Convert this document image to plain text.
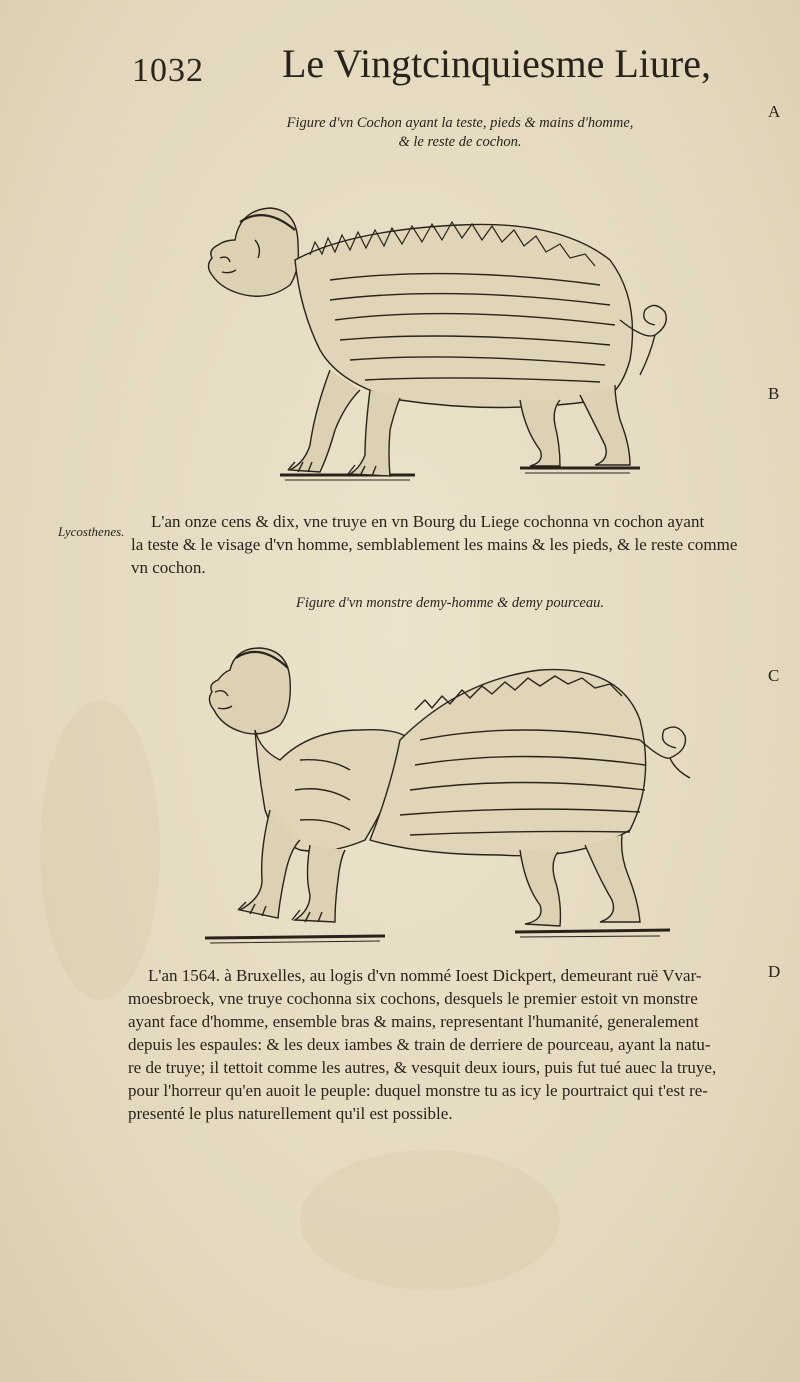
1032 Le Vingtcinquiesme Liure,
A
B
C
D
Figure d'vn Cochon ayant la teste, pieds & mains d'homme,
& le reste de cochon.
Lycosthenes.
L'an onze cens & dix, vne truye en vn Bourg du Liege cochonna vn cochon ayant
la teste & le visage d'vn homme, semblablement les mains & les pieds, & le reste comme
vn cochon.
Figure d'vn monstre demy-homme & demy pourceau.
L'an 1564. à Bruxelles, au logis d'vn nommé Ioest Dickpert, demeurant ruë Vvar-
moesbroeck, vne truye cochonna six cochons, desquels le premier estoit vn monstre
ayant face d'homme, ensemble bras & mains, representant l'humanité, generalement
depuis les espaules: & les deux iambes & train de derriere de pourceau, ayant la natu-
re de truye; il tettoit comme les autres, & vesquit deux iours, puis fut tué auec la truye,
pour l'horreur qu'en auoit le peuple: duquel monstre tu as icy le pourtraict qui t'est re-
presenté le plus naturellement qu'il est possible.
